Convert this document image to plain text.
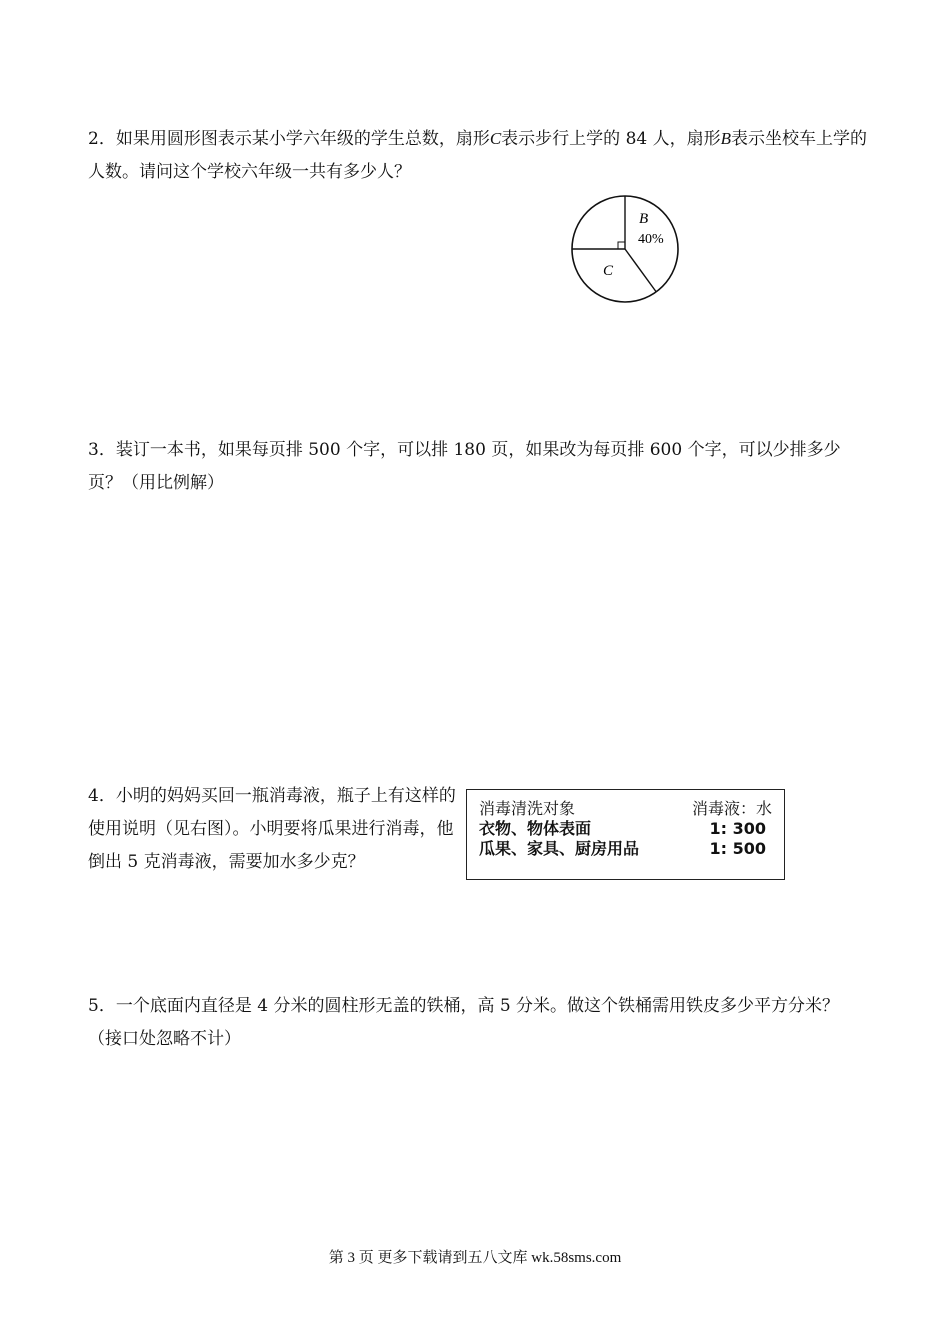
2．如果用圆形图表示某小学六年级的学生总数，扇形C表示步行上学的 84 人，扇形B表示坐校车上学的人数。请问这个学校六年级一共有多少人？

B
40%
C

3．装订一本书，如果每页排 500 个字，可以排 180 页，如果改为每页排 600 个字，可以少排多少页？（用比例解）

4．小明的妈妈买回一瓶消毒液，瓶子上有这样的使用说明（见右图）。小明要将瓜果进行消毒，他倒出 5 克消毒液，需要加水多少克？

消毒清洗对象	消毒液：水
衣物、物体表面	1: 300
瓜果、家具、厨房用品	1: 500

5．一个底面内直径是 4 分米的圆柱形无盖的铁桶，高 5 分米。做这个铁桶需用铁皮多少平方分米？（接口处忽略不计）

第 3 页 更多下载请到五八文库 wk.58sms.com
